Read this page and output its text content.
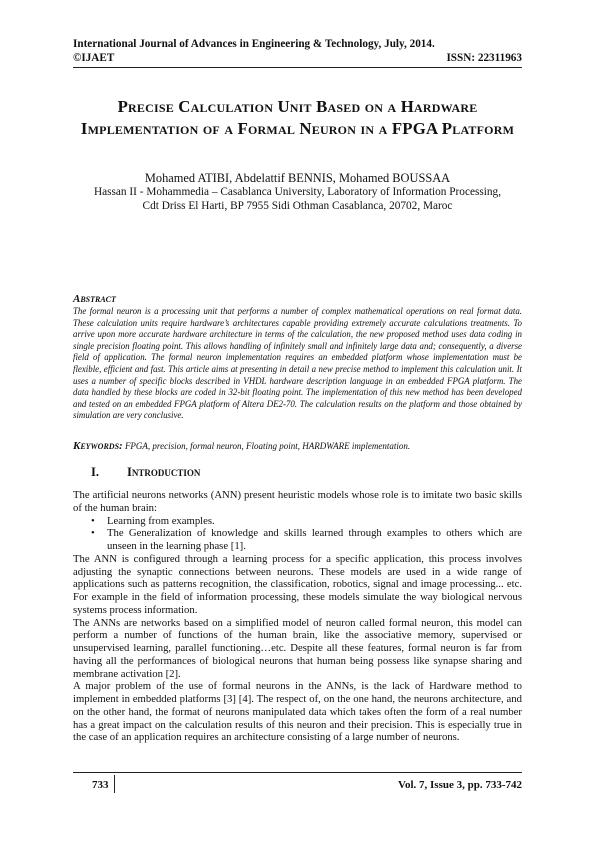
International Journal of Advances in Engineering & Technology, July, 2014.
©IJAET	ISSN: 22311963
Precise Calculation Unit Based on a Hardware Implementation of a Formal Neuron in a FPGA Platform
Mohamed ATIBI, Abdelattif BENNIS, Mohamed BOUSSAA
Hassan II - Mohammedia – Casablanca University, Laboratory of Information Processing,
Cdt Driss El Harti, BP 7955 Sidi Othman Casablanca, 20702, Maroc
Abstract
The formal neuron is a processing unit that performs a number of complex mathematical operations on real format data. These calculation units require hardware’s architectures capable providing extremely accurate calculations treatments. To arrive upon more accurate hardware architecture in terms of the calculation, the new proposed method uses data coding in single precision floating point. This allows handling of infinitely small and infinitely large data and; consequently, a diverse field of application. The formal neuron implementation requires an embedded platform whose implementation must be flexible, efficient and fast. This article aims at presenting in detail a new precise method to implement this calculation unit. It uses a number of specific blocks described in VHDL hardware description language in an embedded FPGA platform. The data handled by these blocks are coded in 32-bit floating point. The implementation of this new method has been developed and tested on an embedded FPGA platform of Altera DE2-70. The calculation results on the platform and those obtained by simulation are very conclusive.
Keywords: FPGA, precision, formal neuron, Floating point, HARDWARE implementation.
I.	Introduction

The artificial neurons networks (ANN) present heuristic models whose role is to imitate two basic skills of the human brain:

• Learning from examples.
• The Generalization of knowledge and skills learned through examples to others which are unseen in the learning phase [1].

The ANN is configured through a learning process for a specific application, this process involves adjusting the synaptic connections between neurons. These models are used in a wide range of applications such as patterns recognition, the classification, robotics, signal and image processing... etc. For example in the field of information processing, these models simulate the way biological nervous systems process information.

The ANNs are networks based on a simplified model of neuron called formal neuron, this model can perform a number of functions of the human brain, like the associative memory, supervised or unsupervised learning, parallel functioning…etc. Despite all these features, formal neuron is far from having all the performances of biological neurons that human being possess like synapse sharing and membrane activation [2].

A major problem of the use of formal neurons in the ANNs, is the lack of Hardware method to implement in embedded platforms [3] [4]. The respect of, on the one hand, the neurons architecture, and on the other hand, the format of neurons manipulated data which takes often the form of a real number has a great impact on the calculation results of this neuron and their precision. This is especially true in the case of an application requires an architecture consisting of a large number of neurons.

733	Vol. 7, Issue 3, pp. 733-742
